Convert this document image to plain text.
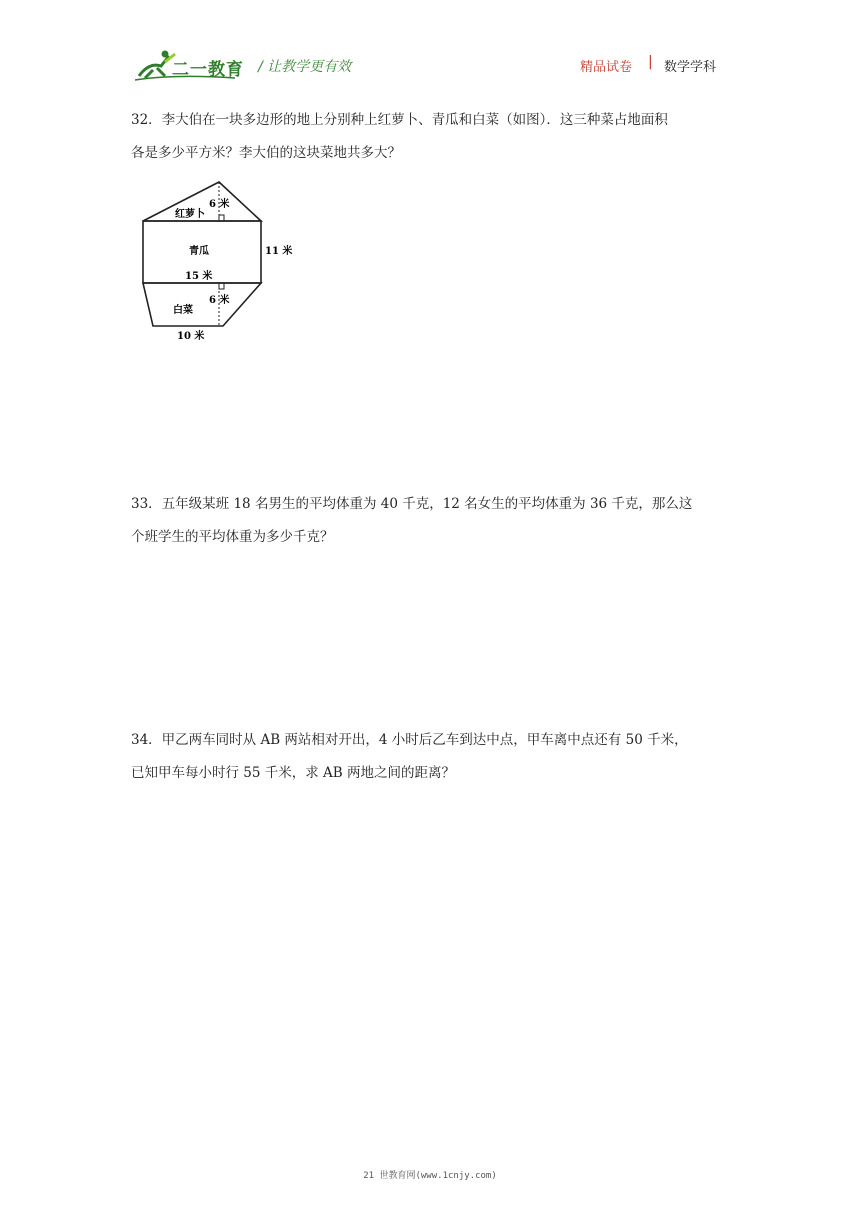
二一教育 / 让教学更有效	精品试卷 | 数学学科
32．李大伯在一块多边形的地上分别种上红萝卜、青瓜和白菜（如图）．这三种菜占地面积
各是多少平方米？李大伯的这块菜地共多大？
红萝卜
6 米
青瓜	11 米
15 米
6 米
白菜
10 米
33．五年级某班 18 名男生的平均体重为 40 千克，12 名女生的平均体重为 36 千克，那么这
个班学生的平均体重为多少千克？
34．甲乙两车同时从 AB 两站相对开出，4 小时后乙车到达中点，甲车离中点还有 50 千米，
已知甲车每小时行 55 千米，求 AB 两地之间的距离？
21 世教育网(www.1cnjy.com)
